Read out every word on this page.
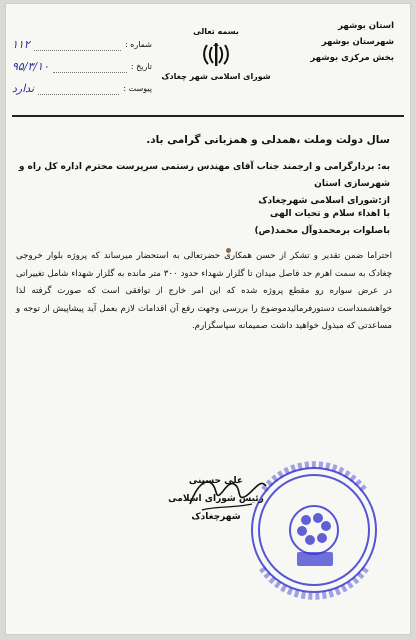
استان بوشهر
شهرستان بوشهر
بخش مرکزی بوشهر
بسمه تعالی
شورای اسلامی شهر چغادک
شماره :
۱۱۲
تاریخ :
۹۵/۳/۱۰
پیوست :
ندارد
سال دولت وملت ،همدلی و همزبانی گرامی باد.
به: بردارگرامی و ارجمند جناب آقای مهندس رستمی سرپرست محترم اداره کل راه و شهرسازی استان
از:شورای اسلامی شهرچغادک
با اهداء سلام و تحیات الهی
باصلوات برمحمدوآل محمد(ص)
احتراما ضمن تقدیر و تشکر از حسن همکاری حضرتعالی به استحضار میرساند که پروژه بلوار خروجی چغادک به سمت اهرم حد فاصل میدان تا گلزار شهداء حدود ۳۰۰ متر مانده به گلزار شهداء شامل تغییراتی در عرض سواره رو مقطع پروژه شده که این امر خارج از توافقی است که صورت گرفته لذا خواهشمنداست دستورفرمائیدموضوع را بررسی وجهت رفع آن اقدامات لازم بعمل آید پیشاپیش از توجه و مساعدتی که مبذول خواهید داشت صمیمانه سپاسگزارم.
علی حسینی
رئیس شورای اسلامی شهرچغادک
